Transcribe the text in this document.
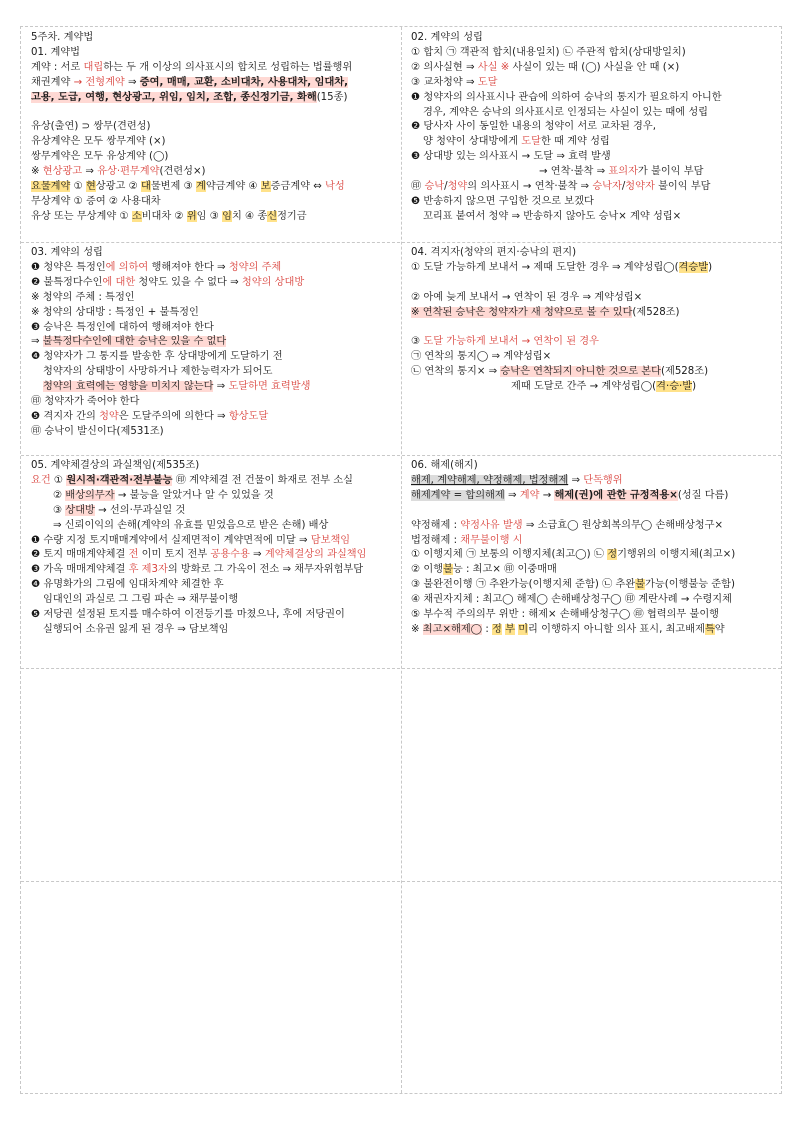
5주차. 계약법
01. 계약법
계약 : 서로 대립하는 두 개 이상의 의사표시의 합치로 성립하는 법률행위
채권계약 → 전형계약 ⇒ 증여, 매매, 교환, 소비대차, 사용대차, 임대차,
고용, 도급, 여행, 현상광고, 위임, 임치, 조합, 종신정기금, 화해(15종)
유상(출연) ⊃ 쌍무(견련성)
유상계약은 모두 쌍무계약 (×)
쌍무계약은 모두 유상계약 (◯)
※ 현상광고 ⇒ 유상·편무계약(견련성×)
요물계약 ① 현상광고 ② 대물변제 ③ 계약금계약 ④ 보증금계약 ⇔ 낙성
무상계약 ① 증여 ② 사용대차
유상 또는 무상계약 ① 소비대차 ② 위임 ③ 임치 ④ 종신정기금
02. 계약의 성립
① 합치 ㉠ 객관적 합치(내용일치) ㉡ 주관적 합치(상대방일치)
② 의사실현 ⇒ 사실 ※ 사실이 있는 때 (◯) 사실을 안 때 (×)
③ 교차청약 ⇒ 도달
❶ 청약자의 의사표시나 관습에 의하여 승낙의 통지가 필요하지 아니한
경우, 계약은 승낙의 의사표시로 인정되는 사실이 있는 때에 성립
❷ 당사자 사이 동일한 내용의 청약이 서로 교차된 경우,
양 청약이 상대방에게 도달한 때 계약 성립
❸ 상대방 있는 의사표시 → 도달 ⇒ 효력 발생
→ 연착·불착 ⇒ 표의자가 불이익 부담
㊞ 승낙/청약의 의사표시 → 연착·불착 ⇒ 승낙자/청약자 불이익 부담
❺ 반송하지 않으면 구입한 것으로 보겠다
꼬리표 붙여서 청약 ⇒ 반송하지 않아도 승낙× 계약 성립×
03. 계약의 성립
❶ 청약은 특정인에 의하여 행해져야 한다 ⇒ 청약의 주체
❷ 불특정다수인에 대한 청약도 있을 수 없다 ⇒ 청약의 상대방
※ 청약의 주체 : 특정인
※ 청약의 상대방 : 특정인 + 불특정인
❸ 승낙은 특정인에 대하여 행해져야 한다
⇒ 불특정다수인에 대한 승낙은 있을 수 없다
❹ 청약자가 그 통지를 발송한 후 상대방에게 도달하기 전
청약자의 상태방이 사망하거나 제한능력자가 되어도
청약의 효력에는 영향을 미치지 않는다 ⇒ 도달하면 효력발생
㊞ 청약자가 죽어야 한다
❺ 격지자 간의 청약은 도달주의에 의한다 ⇒ 항상도달
㊞ 승낙이 발신이다(제531조)
04. 격지자(청약의 편지·승낙의 편지)
① 도달 가능하게 보내서 → 제때 도달한 경우 ⇒ 계약성립◯(격승발)
② 아예 늦게 보내서 → 연착이 된 경우 ⇒ 계약성립×
※ 연착된 승낙은 청약자가 새 청약으로 볼 수 있다(제528조)
③ 도달 가능하게 보내서 → 연착이 된 경우
㉠ 연착의 통지◯ ⇒ 계약성립×
㉡ 연착의 통지× ⇒ 승낙은 연착되지 아니한 것으로 본다(제528조)
제때 도달로 간주 → 계약성립◯(격·승·발)
05. 계약체결상의 과실책임(제535조)
요건 ① 원시적·객관적·전부불능 ㊞ 계약체결 전 건물이 화재로 전부 소실
② 배상의무자 → 불능을 알았거나 알 수 있었을 것
③ 상대방 → 선의·무과실일 것
⇒ 신뢰이익의 손해(계약의 유효를 믿었음으로 받은 손해) 배상
❶ 수량 지정 토지매매계약에서 실제면적이 계약면적에 미달 ⇒ 담보책임
❷ 토지 매매계약체결 전 이미 토지 전부 공용수용 ⇒ 계약체결상의 과실책임
❸ 가옥 매매계약체결 후 제3자의 방화로 그 가옥이 전소 ⇒ 채무자위험부담
❹ 유명화가의 그림에 임대차계약 체결한 후
임대인의 과실로 그 그림 파손 ⇒ 채무불이행
❺ 저당권 설정된 토지를 매수하여 이전등기를 마쳤으나, 후에 저당권이
실행되어 소유권 잃게 된 경우 ⇒ 담보책임
06. 해제(해지)
해제, 계약해제, 약정해제, 법정해제 ⇒ 단독행위
해제계약 = 합의해제 ⇒ 계약 → 해제(권)에 관한 규정적용×(성질 다름)
약정해제 : 약정사유 발생 ⇒ 소급효◯ 원상회복의무◯ 손해배상청구×
법정해제 : 채무불이행 시
① 이행지체 ㉠ 보통의 이행지체(최고◯) ㉡ 정기행위의 이행지체(최고×)
② 이행불능 : 최고× ㊞ 이중매매
③ 불완전이행 ㉠ 추완가능(이행지체 준함) ㉡ 추완불가능(이행불능 준함)
④ 채권자지체 : 최고◯ 해제◯ 손해배상청구◯ ㊞ 계란사례 → 수령지체
⑤ 부수적 주의의무 위반 : 해제× 손해배상청구◯ ㊞ 협력의무 불이행
※ 최고×해제◯ : 정 부 미리 이행하지 아니할 의사 표시, 최고배제특약
